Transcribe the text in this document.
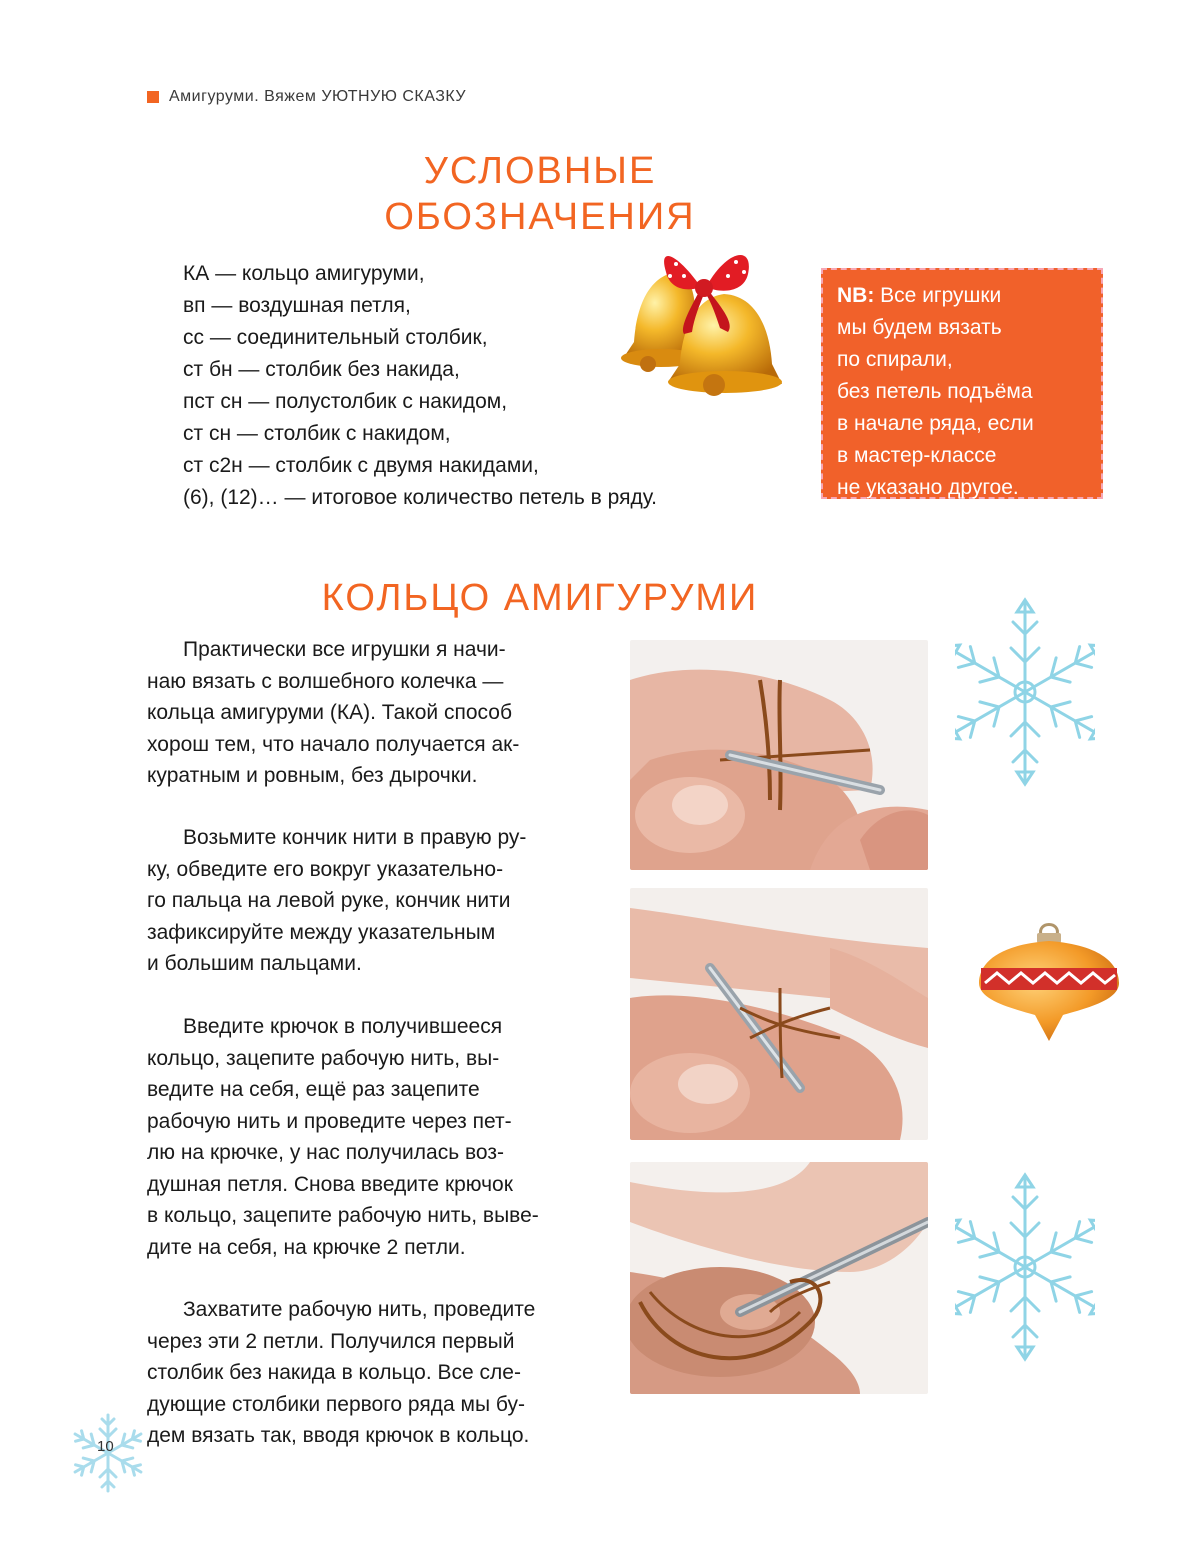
Амигуруми. Вяжем УЮТНУЮ СКАЗКУ
УСЛОВНЫЕ
ОБОЗНАЧЕНИЯ
КА — кольцо амигуруми,
вп — воздушная петля,
сс — соединительный столбик,
ст бн — столбик без накида,
пст сн — полустолбик с накидом,
ст сн — столбик с накидом,
ст с2н — столбик с двумя накидами,
(6), (12)… — итоговое количество петель в ряду.
NB: Все игрушки
мы будем вязать
по спирали,
без петель подъёма
в начале ряда, если
в мастер-классе
не указано другое.
КОЛЬЦО АМИГУРУМИ
Практически все игрушки я начи-
наю вязать с волшебного колечка —
кольца амигуруми (КА). Такой способ
хорош тем, что начало получается ак-
куратным и ровным, без дырочки.
Возьмите кончик нити в правую ру-
ку, обведите его вокруг указательно-
го пальца на левой руке, кончик нити
зафиксируйте между указательным
и большим пальцами.
Введите крючок в получившееся
кольцо, зацепите рабочую нить, вы-
ведите на себя, ещё раз зацепите
рабочую нить и проведите через пет-
лю на крючке, у нас получилась воз-
душная петля. Снова введите крючок
в кольцо, зацепите рабочую нить, выве-
дите на себя, на крючке 2 петли.
Захватите рабочую нить, проведите
через эти 2 петли. Получился первый
столбик без накида в кольцо. Все сле-
дующие столбики первого ряда мы бу-
дем вязать так, вводя крючок в кольцо.
10
